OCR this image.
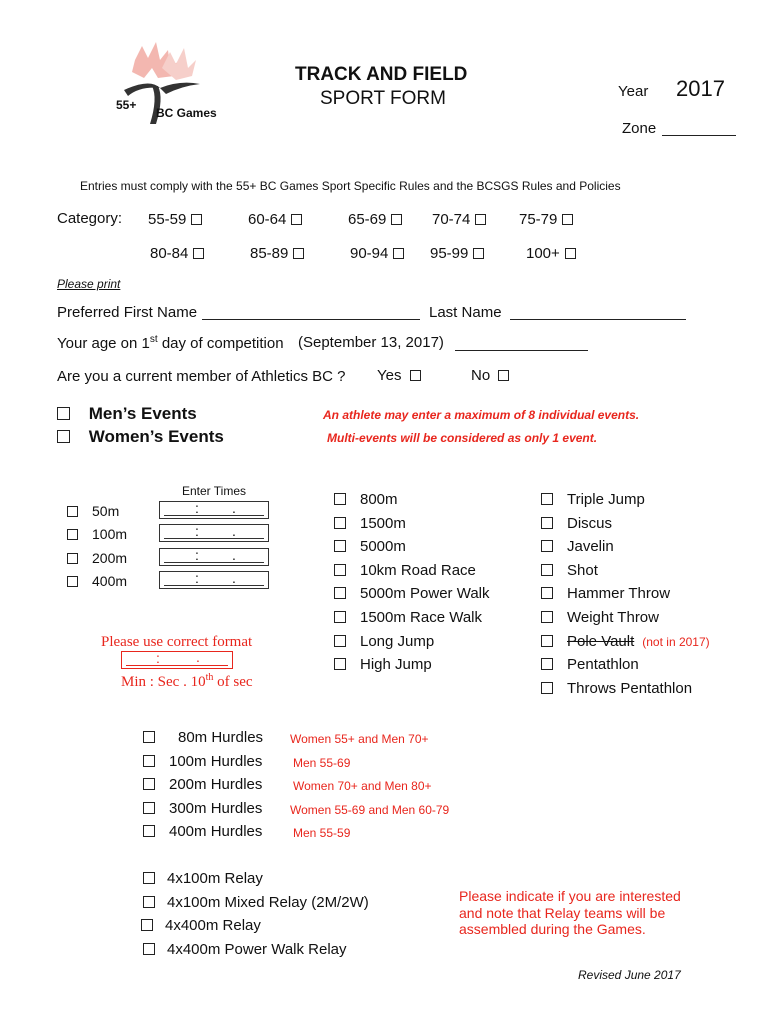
55+
BC Games
TRACK AND FIELD
SPORT FORM	Year 2017
Zone
Entries must comply with the 55+ BC Games Sport Specific Rules and the BCSGS Rules and Policies
Category: 55-59	60-64	65-69	70-74	75-79
80-84	85-89	90-94	95-99	100+
Please print
Preferred First Name	Last Name
Your age on 1st day of competition (September 13, 2017)
Are you a current member of Athletics BC ? Yes	No
Men’s Events
Women’s Events
An athlete may enter a maximum of 8 individual events.
Multi-events will be considered as only 1 event.
Enter Times
50m	: .
100m	: .
200m	: .
400m	: .
Please use correct format
:	.
Min : Sec . 10th of sec
800m
1500m
5000m
10km Road Race
5000m Power Walk
1500m Race Walk
Long Jump
High Jump
Triple Jump
Discus
Javelin
Shot
Hammer Throw
Weight Throw
Pole Vault (not in 2017)
Pentathlon
Throws Pentathlon
80m Hurdles Women 55+ and Men 70+
100m Hurdles	Men 55-69
200m Hurdles	Women 70+ and Men 80+
300m Hurdles Women 55-69 and Men 60-79
400m Hurdles	Men 55-59
4x100m Relay
4x100m Mixed Relay (2M/2W)
4x400m Relay
4x400m Power Walk Relay
Please indicate if you are interested
and note that Relay teams will be
assembled during the Games.
Revised June 2017
